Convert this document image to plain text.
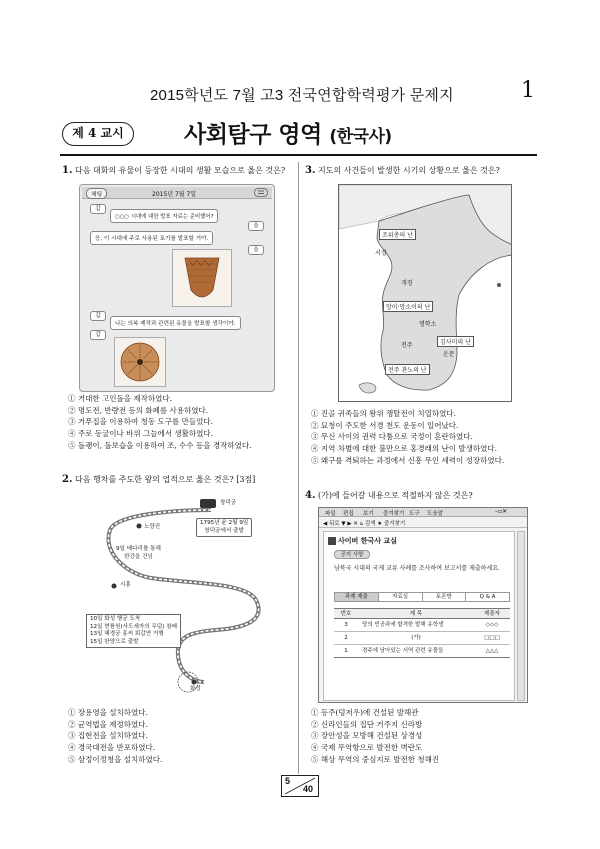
2015학년도 7월 고3 전국연합학력평가 문제지	1
제 4 교시	사회탐구 영역 (한국사)
1. 다음 대화의 유물이 등장한 시대의 생활 모습으로 옳은 것은?
채팅	2015년 7월 7일
갑
○○○ 시대에 대한 발표 자료는 준비했어?
을
응, 이 시대에 주로 사용된 토기를 발표할 거야.
을
갑
나는 의복 제작과 관련된 유물을 발표할 생각이야.
갑
① 거대한 고인돌을 제작하였다.
② 명도전, 반량전 등의 화폐를 사용하였다.
③ 거푸집을 이용하여 청동 도구를 만들었다.
④ 주로 동굴이나 바위 그늘에서 생활하였다.
⑤ 돌괭이, 돌보습을 이용하여 조, 수수 등을 경작하였다.
2. 다음 행차를 주도한 왕의 업적으로 옳은 것은? [3점]
창덕궁
1795년 윤 2월 9일
창덕궁에서 출발
노량진
9일 배다리를 통해
한강을 건넘
시흥
10일 화성 행궁 도착
12일 현륭원(사도세자의 무덤) 참배
13일 혜경궁 홍씨 회갑연 거행
15일 한양으로 출발
화성
① 장용영을 설치하였다.
② 균역법을 제정하였다.
③ 집현전을 설치하였다.
④ 경국대전을 반포하였다.
⑤ 삼정이정청을 설치하였다.
3. 지도의 사건들이 발생한 시기의 상황으로 옳은 것은?
조위총의 난
서경
개경
망이·망소이의 난
명학소
김사미의 난
전주
운문
전주 관노의 난
① 진골 귀족들의 왕위 쟁탈전이 치열하였다.
② 묘청이 주도한 서경 천도 운동이 일어났다.
③ 무신 사이의 권력 다툼으로 국정이 혼란하였다.
④ 지역 차별에 대한 불만으로 홍경래의 난이 발생하였다.
⑤ 왜구를 격퇴하는 과정에서 신흥 무인 세력이 성장하였다.
4. (가)에 들어갈 내용으로 적절하지 않은 것은?
파일 편집 보기 즐겨찾기 도구 도움말	–▫✕
◀ 뒤로 ▼ ▶ ✕ ⌂ 검색 ★ 즐겨찾기
사이버 한국사 교실
공지 사항
남북국 시대의 국제 교류 사례를 조사하여 보고서를 제출하세요.
과제 제출	자료실	토론방	Q & A
번호	제 목	제출자
3	당의 빈공과에 합격한 발해 유학생	◇◇◇
2	(가)	□□□
1	경주에 남아있는 서역 관련 유물들	△△△
① 등주(덩저우)에 건설된 발해관
② 신라인들의 집단 거주지 신라방
③ 장안성을 모방해 건설된 상경성
④ 국제 무역항으로 발전한 벽란도
⑤ 해상 무역의 중심지로 발전한 청해진
5
40
